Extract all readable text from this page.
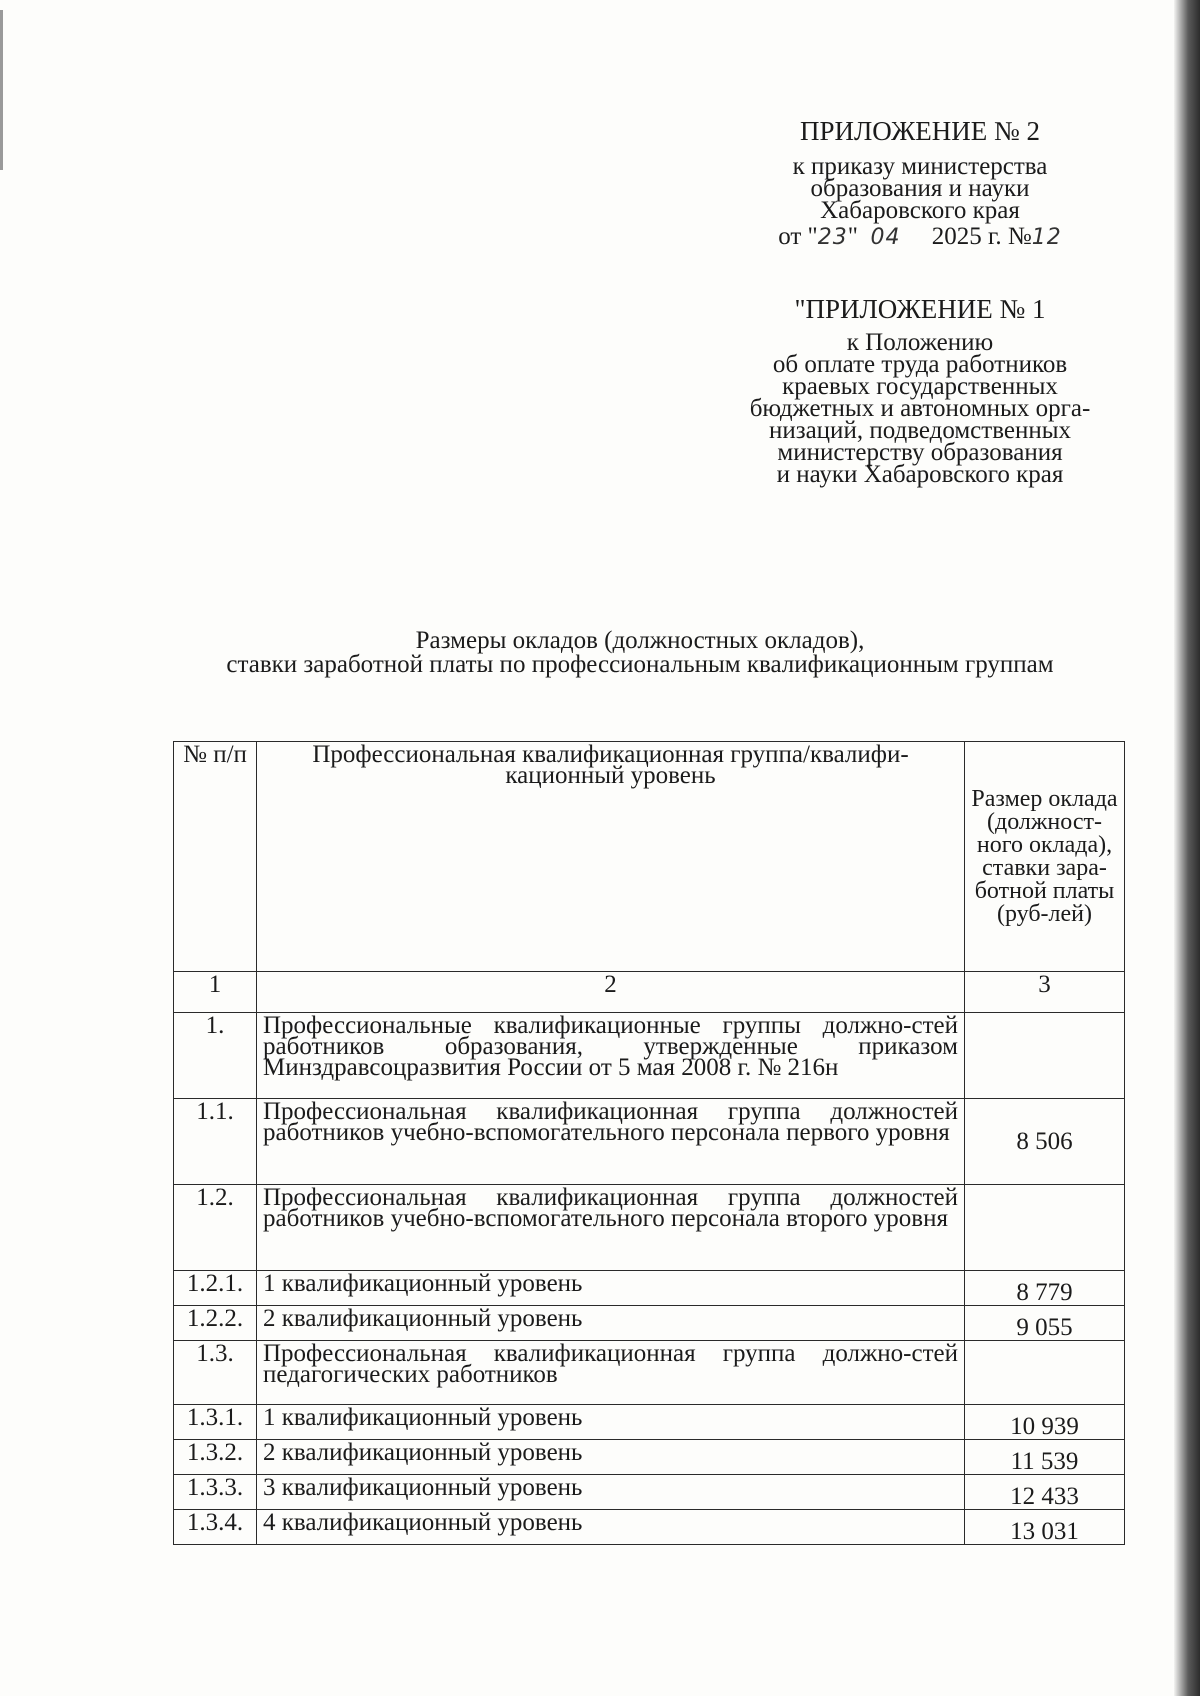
ПРИЛОЖЕНИЕ № 2
к приказу министерства
образования и науки
Хабаровского края
от "23" 04 2025 г. №12
"ПРИЛОЖЕНИЕ № 1
к Положению
об оплате труда работников
краевых государственных
бюджетных и автономных орга-
низаций, подведомственных
министерству образования
и науки Хабаровского края
Размеры окладов (должностных окладов),
ставки заработной платы по профессиональным квалификационным группам
№ п/п	Профессиональная квалификационная группа/квалифи-кационный уровень	Размер оклада (должност-ного оклада), ставки зара-ботной платы (руб-лей)
1	2	3
1.	Профессиональные квалификационные группы должно-стей работников образования, утвержденные приказом Минздравсоцразвития России от 5 мая 2008 г. № 216н	
1.1.	Профессиональная квалификационная группа должностей работников учебно-вспомогательного персонала первого уровня	8 506
1.2.	Профессиональная квалификационная группа должностей работников учебно-вспомогательного персонала второго уровня	
1.2.1.	1 квалификационный уровень	8 779
1.2.2.	2 квалификационный уровень	9 055
1.3.	Профессиональная квалификационная группа должно-стей педагогических работников	
1.3.1.	1 квалификационный уровень	10 939
1.3.2.	2 квалификационный уровень	11 539
1.3.3.	3 квалификационный уровень	12 433
1.3.4.	4 квалификационный уровень	13 031
